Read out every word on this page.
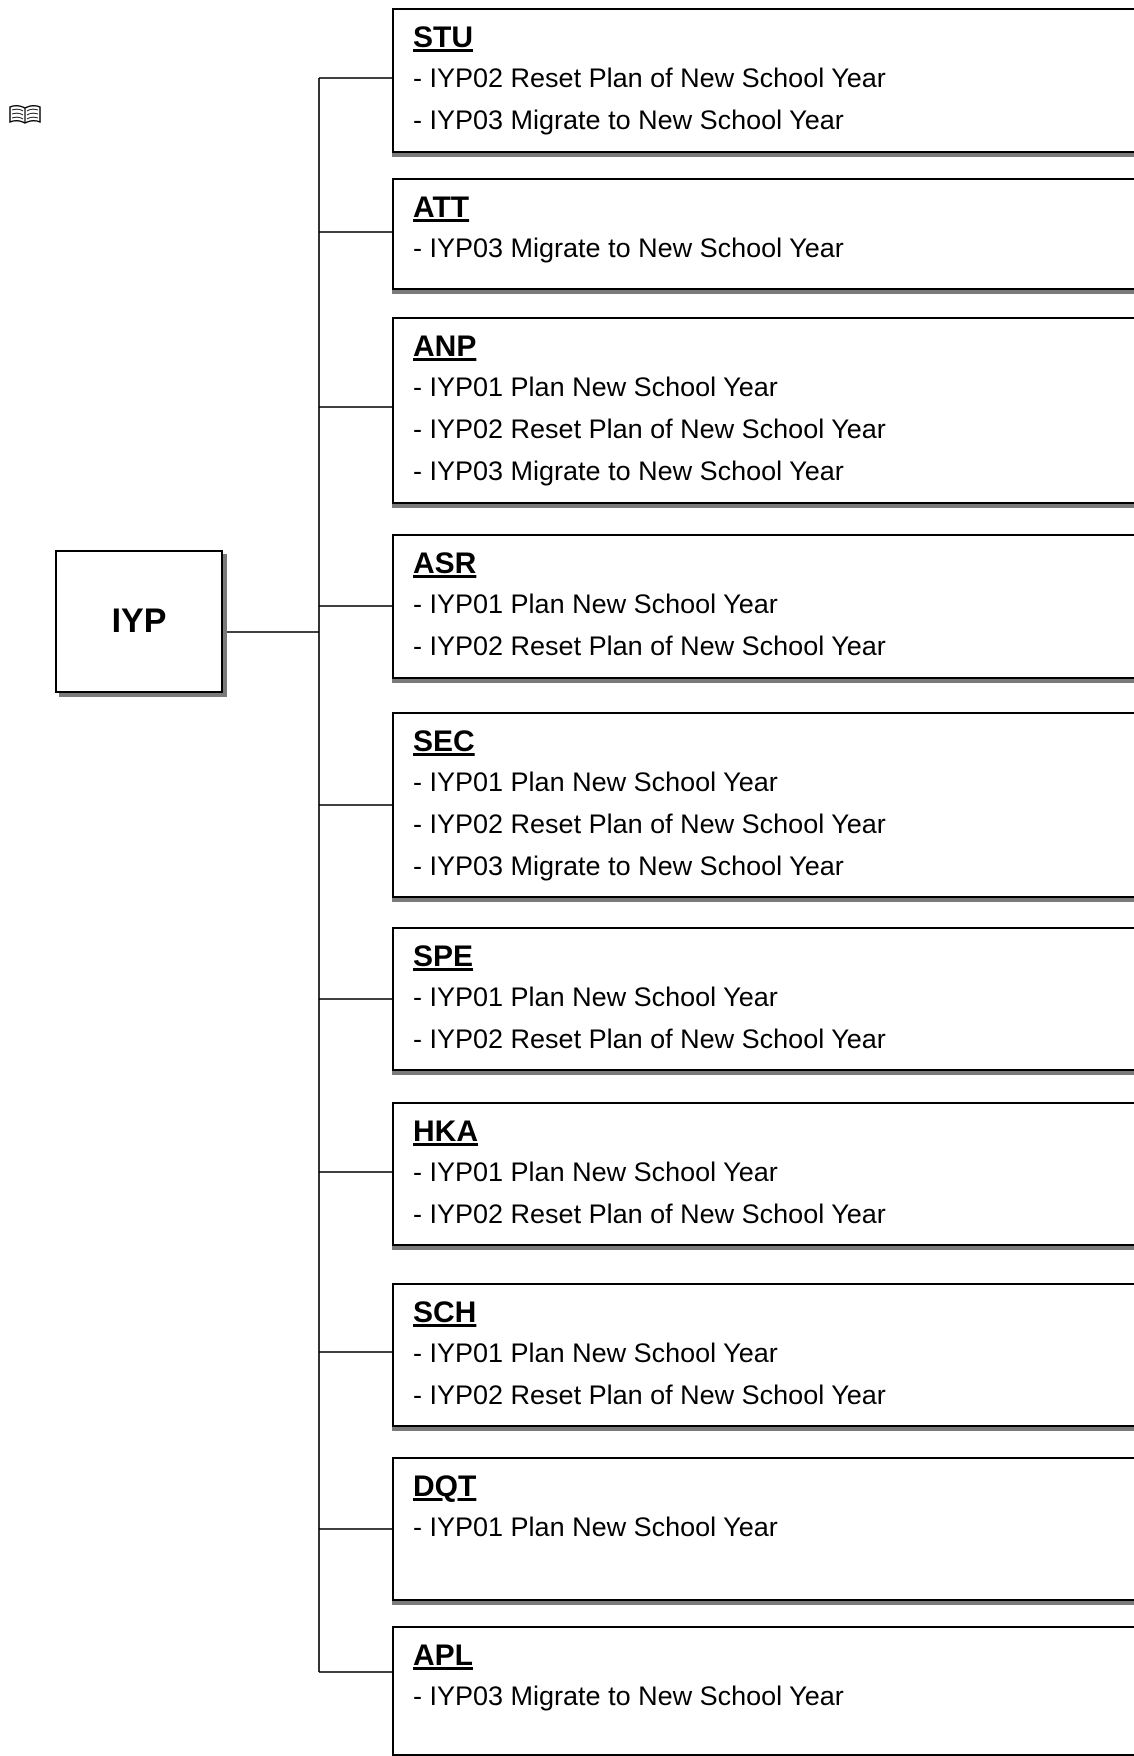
IYP
STU
- IYP02 Reset Plan of New School Year
- IYP03 Migrate to New School Year
ATT
- IYP03 Migrate to New School Year
ANP
- IYP01 Plan New School Year
- IYP02 Reset Plan of New School Year
- IYP03 Migrate to New School Year
ASR
- IYP01 Plan New School Year
- IYP02 Reset Plan of New School Year
SEC
- IYP01 Plan New School Year
- IYP02 Reset Plan of New School Year
- IYP03 Migrate to New School Year
SPE
- IYP01 Plan New School Year
- IYP02 Reset Plan of New School Year
HKA
- IYP01 Plan New School Year
- IYP02 Reset Plan of New School Year
SCH
- IYP01 Plan New School Year
- IYP02 Reset Plan of New School Year
DQT
- IYP01 Plan New School Year
APL
- IYP03 Migrate to New School Year
